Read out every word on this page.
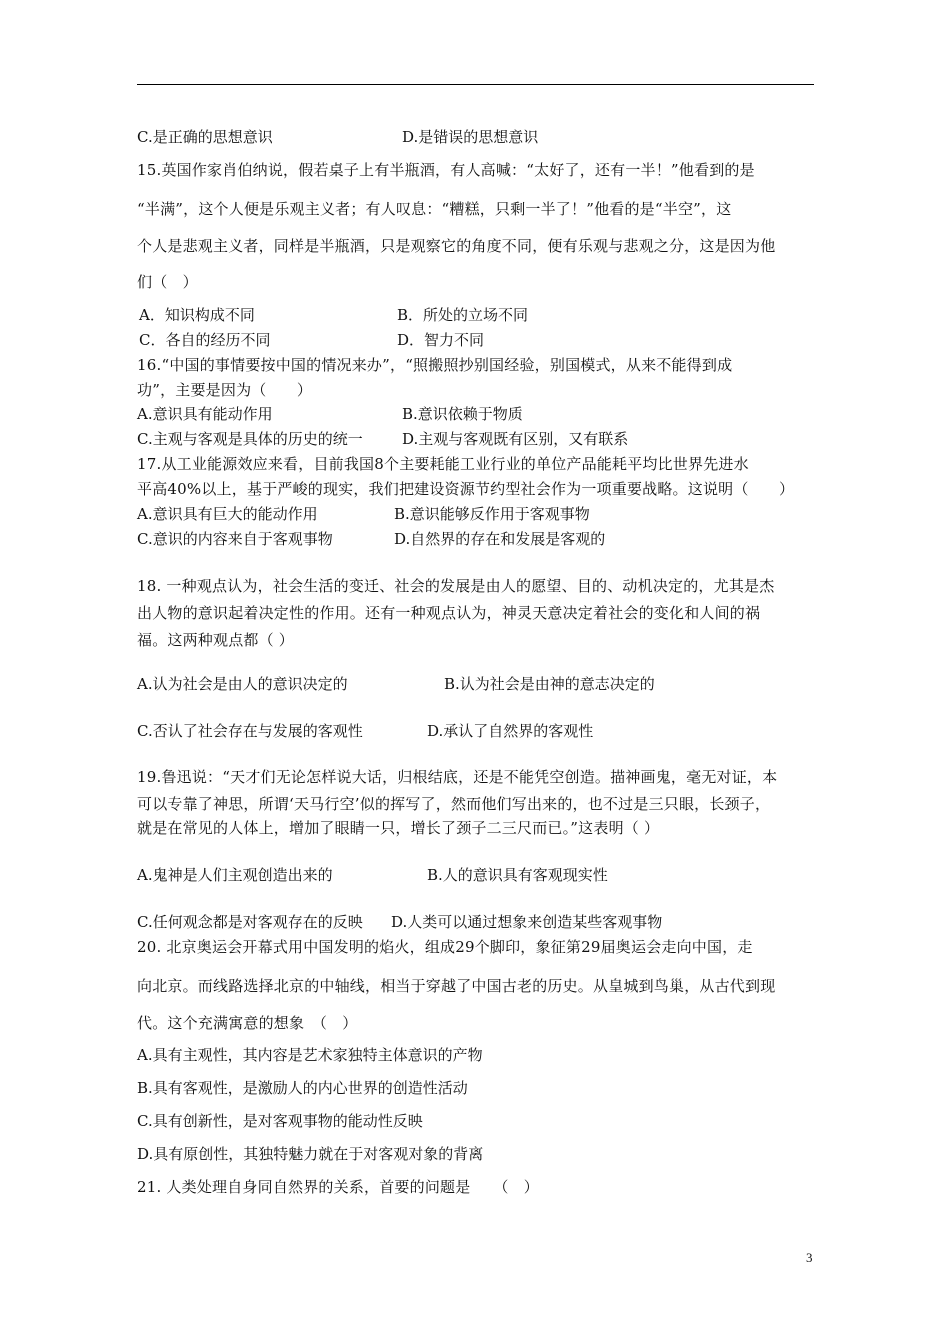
C.是正确的思想意识	D.是错误的思想意识
15.英国作家肖伯纳说，假若桌子上有半瓶酒，有人高喊：“太好了，还有一半！”他看到的是
“半满”，这个人便是乐观主义者；有人叹息：“糟糕，只剩一半了！”他看的是“半空”，这
个人是悲观主义者，同样是半瓶酒，只是观察它的角度不同，便有乐观与悲观之分，这是因为他
们（　）
A．知识构成不同	B．所处的立场不同
C．各自的经历不同	D．智力不同
16.“中国的事情要按中国的情况来办”，“照搬照抄别国经验，别国模式，从来不能得到成
功”，主要是因为（　　）
A.意识具有能动作用	B.意识依赖于物质
C.主观与客观是具体的历史的统一	D.主观与客观既有区别，又有联系
17.从工业能源效应来看，目前我国8个主要耗能工业行业的单位产品能耗平均比世界先进水
平高40%以上，基于严峻的现实，我们把建设资源节约型社会作为一项重要战略。这说明（　　）
A.意识具有巨大的能动作用	B.意识能够反作用于客观事物
C.意识的内容来自于客观事物	D.自然界的存在和发展是客观的
18. 一种观点认为，社会生活的变迁、社会的发展是由人的愿望、目的、动机决定的，尤其是杰
出人物的意识起着决定性的作用。还有一种观点认为，神灵天意决定着社会的变化和人间的祸
福。这两种观点都（ ）
A.认为社会是由人的意识决定的	B.认为社会是由神的意志决定的
C.否认了社会存在与发展的客观性	D.承认了自然界的客观性
19.鲁迅说：“天才们无论怎样说大话，归根结底，还是不能凭空创造。描神画鬼，毫无对证，本
可以专靠了神思，所谓‘天马行空’似的挥写了，然而他们写出来的，也不过是三只眼，长颈子，
就是在常见的人体上，增加了眼睛一只，增长了颈子二三尺而已。”这表明（ ）
A.鬼神是人们主观创造出来的	B.人的意识具有客观现实性
C.任何观念都是对客观存在的反映 D.人类可以通过想象来创造某些客观事物
20. 北京奥运会开幕式用中国发明的焰火，组成29个脚印，象征第29届奥运会走向中国，走
向北京。而线路选择北京的中轴线，相当于穿越了中国古老的历史。从皇城到鸟巢，从古代到现
代。这个充满寓意的想象　（　）
A.具有主观性，其内容是艺术家独特主体意识的产物
B.具有客观性，是激励人的内心世界的创造性活动
C.具有创新性，是对客观事物的能动性反映
D.具有原创性，其独特魅力就在于对客观对象的背离
21. 人类处理自身同自然界的关系，首要的问题是　　（　）
3
